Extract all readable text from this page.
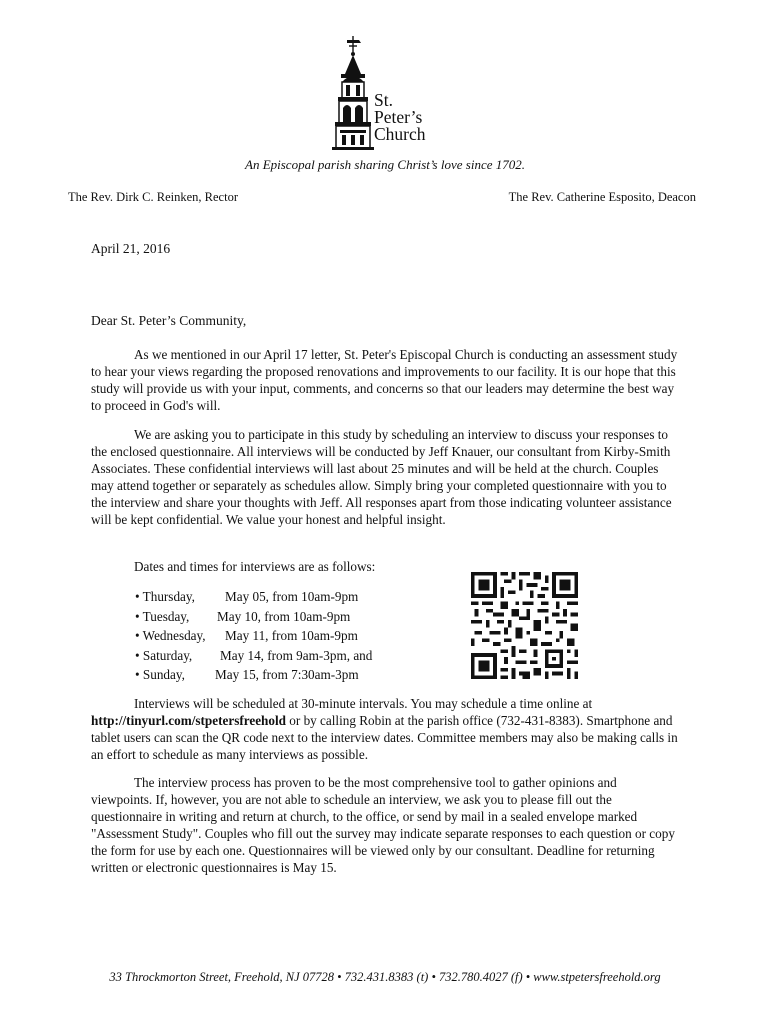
St.
Peter’s
Church
An Episcopal parish sharing Christ’s love since 1702.
The Rev. Dirk C. Reinken, Rector	The Rev. Catherine Esposito, Deacon
April 21, 2016
Dear St. Peter’s Community,
As we mentioned in our April 17 letter, St. Peter's Episcopal Church is conducting an assessment study to hear your views regarding the proposed renovations and improvements to our facility. It is our hope that this study will provide us with your input, comments, and concerns so that our leaders may determine the best way to proceed in God's will.
We are asking you to participate in this study by scheduling an interview to discuss your responses to the enclosed questionnaire. All interviews will be conducted by Jeff Knauer, our consultant from Kirby-Smith Associates. These confidential interviews will last about 25 minutes and will be held at the church. Couples may attend together or separately as schedules allow. Simply bring your completed questionnaire with you to the interview and share your thoughts with Jeff. All responses apart from those indicating volunteer assistance will be kept confidential. We value your honest and helpful insight.
Dates and times for interviews are as follows:
• Thursday, May 05, from 10am-9pm
• Tuesday, May 10, from 10am-9pm
• Wednesday, May 11, from 10am-9pm
• Saturday, May 14, from 9am-3pm, and
• Sunday, May 15, from 7:30am-3pm
Interviews will be scheduled at 30-minute intervals. You may schedule a time online at http://tinyurl.com/stpetersfreehold or by calling Robin at the parish office (732-431-8383). Smartphone and tablet users can scan the QR code next to the interview dates. Committee members may also be making calls in an effort to schedule as many interviews as possible.
The interview process has proven to be the most comprehensive tool to gather opinions and viewpoints. If, however, you are not able to schedule an interview, we ask you to please fill out the questionnaire in writing and return at church, to the office, or send by mail in a sealed envelope marked "Assessment Study". Couples who fill out the survey may indicate separate responses to each question or copy the form for use by each one. Questionnaires will be viewed only by our consultant. Deadline for returning written or electronic questionnaires is May 15.
33 Throckmorton Street, Freehold, NJ 07728 • 732.431.8383 (t) • 732.780.4027 (f) • www.stpetersfreehold.org
